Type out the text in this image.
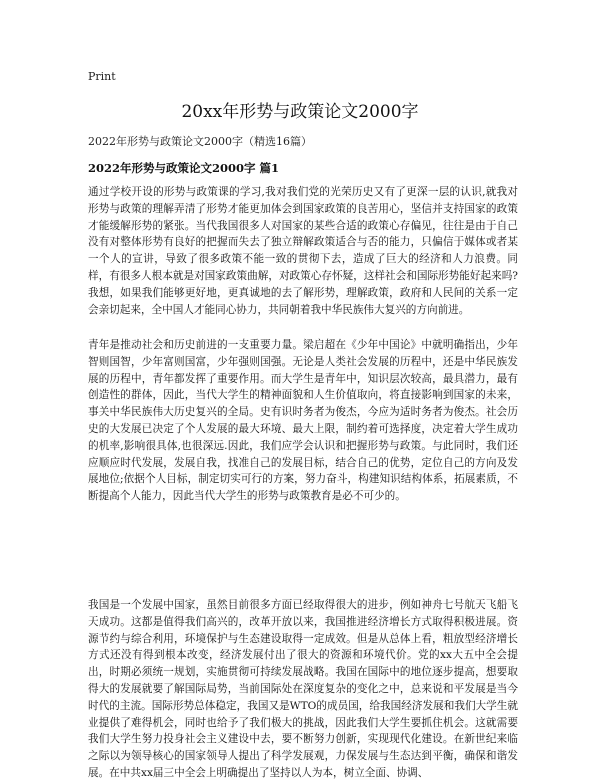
Print
20xx年形势与政策论文2000字
2022年形势与政策论文2000字（精选16篇）
2022年形势与政策论文2000字 篇1

通过学校开设的形势与政策课的学习,我对我们党的光荣历史又有了更深一层的认识,就我对形势与政策的理解弄清了形势才能更加体会到国家政策的良苦用心，坚信并支持国家的政策才能缓解形势的紧张。当代我国很多人对国家的某些合适的政策心存偏见，往往是由于自己没有对整体形势有良好的把握而失去了独立辩解政策适合与否的能力，只偏信于媒体或者某一个人的宣讲，导致了很多政策不能一致的贯彻下去，造成了巨大的经济和人力浪费。同样，有很多人根本就是对国家政策曲解，对政策心存怀疑，这样社会和国际形势能好起来吗?我想，如果我们能够更好地，更真诚地的去了解形势，理解政策，政府和人民间的关系一定会亲切起来，全中国人才能同心协力，共同朝着我中华民族伟大复兴的方向前进。

青年是推动社会和历史前进的一支重要力量。梁启超在《少年中国论》中就明确指出，少年智则国智，少年富则国富，少年强则国强。无论是人类社会发展的历程中，还是中华民族发展的历程中，青年都发挥了重要作用。而大学生是青年中，知识层次较高，最具潜力，最有创造性的群体，因此，当代大学生的精神面貌和人生价值取向，将直接影响到国家的未来，事关中华民族伟大历史复兴的全局。史有识时务者为俊杰，今应为适时务者为俊杰。社会历史的大发展已决定了个人发展的最大环境、最大上限，制约着可选择度，决定着大学生成功的机率,影响很具体,也很深远.因此，我们应学会认识和把握形势与政策。与此同时，我们还应顺应时代发展，发展自我，找准自己的发展目标，结合自己的优势，定位自己的方向及发展地位;依据个人目标，制定切实可行的方案，努力奋斗，构建知识结构体系，拓展素质，不断提高个人能力，因此当代大学生的形势与政策教育是必不可少的。

我国是一个发展中国家，虽然目前很多方面已经取得很大的进步，例如神舟七号航天飞船飞天成功。这都是值得我们高兴的，改革开放以来，我国推进经济增长方式取得积极进展。资源节约与综合利用，环境保护与生态建设取得一定成效。但是从总体上看，粗放型经济增长方式还没有得到根本改变，经济发展付出了很大的资源和环境代价。党的xx大五中全会提出，时期必须统一规划，实施贯彻可持续发展战略。我国在国际中的地位逐步提高，想要取得大的发展就要了解国际局势，当前国际处在深度复杂的变化之中，总来说和平发展是当今时代的主流。国际形势总体稳定，我国又是WTO的成员国，给我国经济发展和我们大学生就业提供了难得机会，同时也给予了我们极大的挑战，因此我们大学生要抓住机会。这就需要我们大学生努力投身社会主义建设中去，要不断努力创新，实现现代化建设。在新世纪来临之际以为领导核心的国家领导人提出了科学发展观，力保发展与生态达到平衡，确保和谐发展。在中共xx届三中全会上明确提出了坚持以人为本，树立全面、协调、
